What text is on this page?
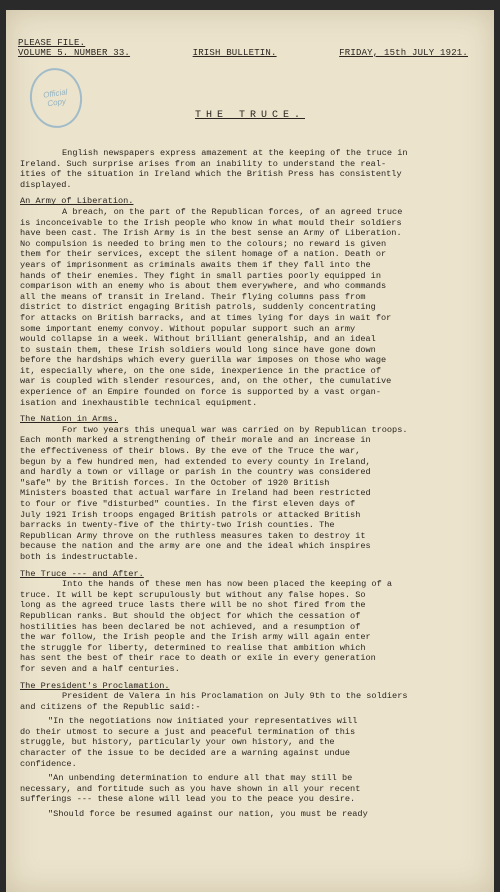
PLEASE FILE.
VOLUME 5. NUMBER 33.	IRISH BULLETIN.	FRIDAY, 15th JULY 1921.
Official
Copy
THE TRUCE.
English newspapers express amazement at the keeping of the truce in
Ireland. Such surprise arises from an inability to understand the real-
ities of the situation in Ireland which the British Press has consistently
displayed.
An Army of Liberation.
A breach, on the part of the Republican forces, of an agreed truce
is inconceivable to the Irish people who know in what mould their soldiers
have been cast. The Irish Army is in the best sense an Army of Liberation.
No compulsion is needed to bring men to the colours; no reward is given
them for their services, except the silent homage of a nation. Death or
years of imprisonment as criminals awaits them if they fall into the
hands of their enemies. They fight in small parties poorly equipped in
comparison with an enemy who is about them everywhere, and who commands
all the means of transit in Ireland. Their flying columns pass from
district to district engaging British patrols, suddenly concentrating
for attacks on British barracks, and at times lying for days in wait for
some important enemy convoy. Without popular support such an army
would collapse in a week. Without brilliant generalship, and an ideal
to sustain them, these Irish soldiers would long since have gone down
before the hardships which every guerilla war imposes on those who wage
it, especially where, on the one side, inexperience in the practice of
war is coupled with slender resources, and, on the other, the cumulative
experience of an Empire founded on force is supported by a vast organ-
isation and inexhaustible technical equipment.
The Nation in Arms.
For two years this unequal war was carried on by Republican troops.
Each month marked a strengthening of their morale and an increase in
the effectiveness of their blows. By the eve of the Truce the war,
begun by a few hundred men, had extended to every county in Ireland,
and hardly a town or village or parish in the country was considered
"safe" by the British forces. In the October of 1920 British
Ministers boasted that actual warfare in Ireland had been restricted
to four or five "disturbed" counties. In the first eleven days of
July 1921 Irish troops engaged British patrols or attacked British
barracks in twenty-five of the thirty-two Irish counties. The
Republican Army throve on the ruthless measures taken to destroy it
because the nation and the army are one and the ideal which inspires
both is indestructable.
The Truce --- and After.
Into the hands of these men has now been placed the keeping of a
truce. It will be kept scrupulously but without any false hopes. So
long as the agreed truce lasts there will be no shot fired from the
Republican ranks. But should the object for which the cessation of
hostilities has been declared be not achieved, and a resumption of
the war follow, the Irish people and the Irish army will again enter
the struggle for liberty, determined to realise that ambition which
has sent the best of their race to death or exile in every generation
for seven and a half centuries.
The President's Proclamation.
President de Valera in his Proclamation on July 9th to the soldiers
and citizens of the Republic said:-
"In the negotiations now initiated your representatives will
do their utmost to secure a just and peaceful termination of this
struggle, but history, particularly your own history, and the
character of the issue to be decided are a warning against undue
confidence.
"An unbending determination to endure all that may still be
necessary, and fortitude such as you have shown in all your recent
sufferings --- these alone will lead you to the peace you desire.
"Should force be resumed against our nation, you must be ready
